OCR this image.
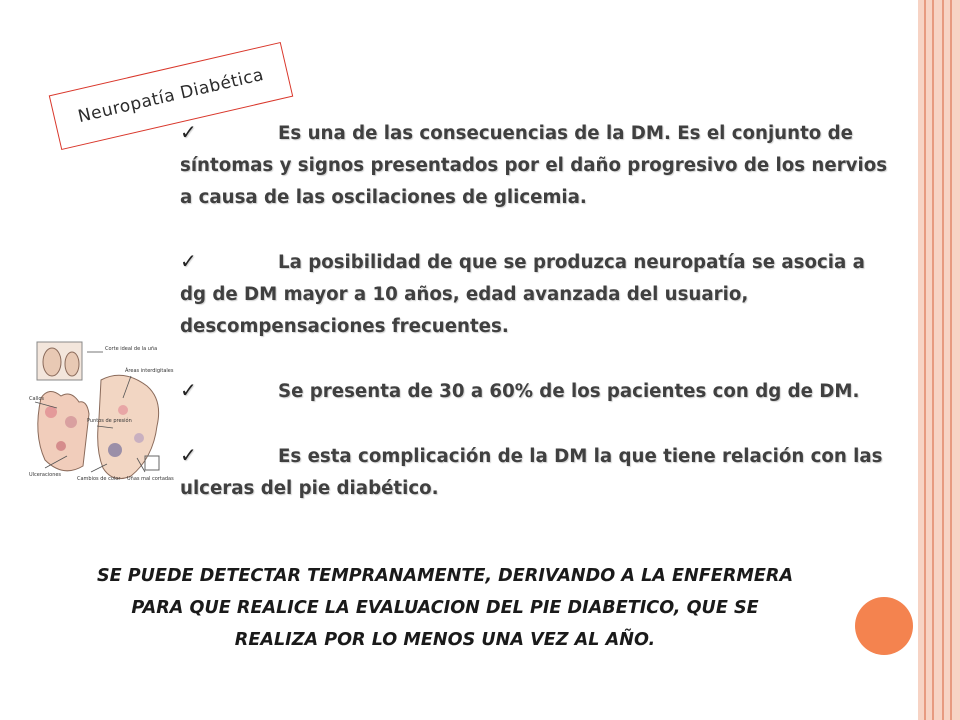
Neuropatía Diabética
Corte ideal de la uña
Callos
Áreas interdigitales
Puntos de presión
Ulceraciones
Cambios de color Uñas mal cortadas
✓	Es una de las consecuencias de la DM. Es el conjunto de síntomas y signos presentados por el daño progresivo de los nervios a causa de las oscilaciones de glicemia.
✓	La posibilidad de que se produzca neuropatía se asocia a dg de DM mayor a 10 años, edad avanzada del usuario, descompensaciones frecuentes.
✓	Se presenta de 30 a 60% de los pacientes con dg de DM.
✓	Es esta complicación de la DM la que tiene relación con las ulceras del pie diabético.
SE PUEDE DETECTAR TEMPRANAMENTE, DERIVANDO A LA ENFERMERA PARA QUE REALICE LA EVALUACION DEL PIE DIABETICO, QUE SE REALIZA POR LO MENOS UNA VEZ AL AÑO.
